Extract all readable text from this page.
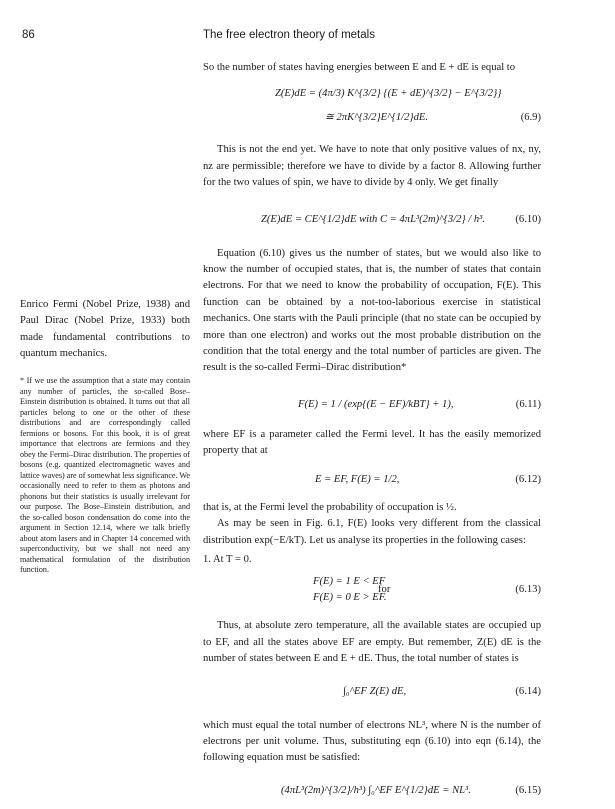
86	The free electron theory of metals

So the number of states having energies between E and E + dE is equal to

Z(E)dE = (4π/3) K^{3/2} {(E + dE)^{3/2} − E^{3/2}}
≅ 2πK^{3/2}E^{1/2}dE.	(6.9)

This is not the end yet. We have to note that only positive values of nx, ny, nz are permissible; therefore we have to divide by a factor 8. Allowing further for the two values of spin, we have to divide by 4 only. We get finally

Z(E)dE = CE^{1/2}dE with C = 4πL³(2m)^{3/2} / h³.	(6.10)

Equation (6.10) gives us the number of states, but we would also like to know the number of occupied states, that is, the number of states that contain electrons. For that we need to know the probability of occupation, F(E). This function can be obtained by a not-too-laborious exercise in statistical mechanics. One starts with the Pauli principle (that no state can be occupied by more than one electron) and works out the most probable distribution on the condition that the total energy and the total number of particles are given. The result is the so-called Fermi–Dirac distribution*

F(E) = 1 / (exp{(E − EF)/kBT} + 1),	(6.11)

where EF is a parameter called the Fermi level. It has the easily memorized property that at

E = EF, F(E) = 1/2,	(6.12)

that is, at the Fermi level the probability of occupation is ½.

As may be seen in Fig. 6.1, F(E) looks very different from the classical distribution exp(−E/kT). Let us analyse its properties in the following cases:

1. At T = 0.

F(E) = 1 E < EF
for
F(E) = 0 E > EF.
(6.13)

Thus, at absolute zero temperature, all the available states are occupied up to EF, and all the states above EF are empty. But remember, Z(E) dE is the number of states between E and E + dE. Thus, the total number of states is

∫₀^EF Z(E) dE,	(6.14)

which must equal the total number of electrons NL³, where N is the number of electrons per unit volume. Thus, substituting eqn (6.10) into eqn (6.14), the following equation must be satisfied:

(4πL³(2m)^{3/2}/h³) ∫₀^EF E^{1/2}dE = NL³.	(6.15)

Enrico Fermi (Nobel Prize, 1938) and Paul Dirac (Nobel Prize, 1933) both made fundamental contributions to quantum mechanics.

* If we use the assumption that a state may contain any number of particles, the so-called Bose–Einstein distribution is obtained. It turns out that all particles belong to one or the other of these distributions and are correspondingly called fermions or bosons. For this book, it is of great importance that electrons are fermions and they obey the Fermi–Dirac distribution. The properties of bosons (e.g. quantized electromagnetic waves and lattice waves) are of somewhat less significance. We occasionally need to refer to them as photons and phonons but their statistics is usually irrelevant for our purpose. The Bose–Einstein distribution, and the so-called boson condensation do come into the argument in Section 12.14, where we talk briefly about atom lasers and in Chapter 14 concerned with superconductivity, but we shall not need any mathematical formulation of the distribution function.
